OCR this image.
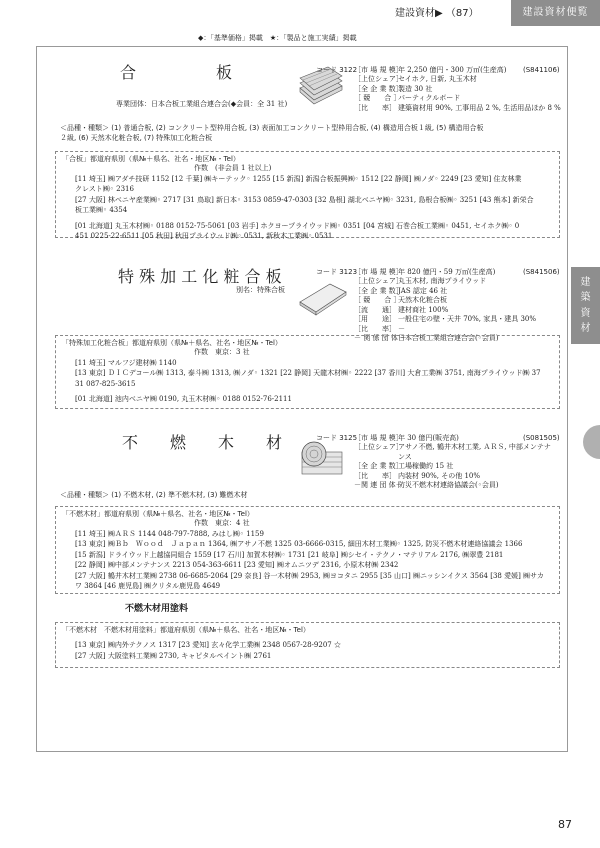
建設資材▶ （87）	建設資材便覧
◆：「基準価格」掲載　★：「製品と施工実績」掲載
建
築
資
材
合　　　　　板	コード 3122	(S841106)
［市 場 規 模］
年 2,250 億円・300 万㎥(生産高)
［上位シェア］
セイホク, 日新, 丸玉木材
［全 企 業 数］
製造 30 社
［ 競　　合 ］
パーティクルボード
［比　　率］ 建築資材用 90%, 工事用品 2 %, 生活用品ほか 8 %
専業団体：日本合板工業組合連合会(◆会員：全 31 社)
＜品種・種類＞ (1) 普通合板, (2) コンクリート型枠用合板, (3) 表面加工コンクリート型枠用合板, (4) 構造用合板１級, (5) 構造用合板２級, (6) 天然木化粧合板, (7) 特殊加工化粧合板
「合板」都道府県別（県№＋県名、社名・地区№・Tel）
作数　(非会員 1 社以上)
[11 埼玉] ㈱アダチ技研 1152 [12 千葉] ㈱キーテック◦ 1255 [15 新潟] 新潟合板振興㈱◦ 1512 [22 静岡] ㈱ノダ◦ 2249 [23 愛知] 住友林業
クレスト㈱◦ 2316
[27 大阪] 林ベニヤ産業㈱◦ 2717 [31 鳥取] 新日本◦ 3153 0859-47-0303 [32 島根] 湖北ベニヤ㈱◦ 3231, 島根合板㈱◦ 3251 [43 熊本] 新栄合
板工業㈱◦ 4354
[01 北海道] 丸玉木材㈱◦ 0188 0152-75-5061 [03 岩手] ホクヨープライウッド㈱◦ 0351 [04 宮城] 石巻合板工業㈱◦ 0451, セイホク㈱◦ 0
451 0225-22-6511 [05 秋田] 秋田プライウッド㈱◦ 0531, 新秋木工業㈱◦ 0531
特 殊 加 工 化 粧 合 板
別名：特殊合板
コード 3123	(S841506)
［市 場 規 模］
年 820 億円・59 万㎥(生産高)
［上位シェア］
丸玉木材, 南海プライウッド
［全 企 業 数］
JAS 認定 46 社
［ 競　　合 ］
天然木化粧合板
［流　　通］ 建材商社 100%
［用　　途］ 一般住宅の壁・天井 70%, 家具・建具 30%
［比　　率］ －
－ 関 係 団 体 －
日本合板工業組合連合会(◦会員)
「特殊加工化粧合板」都道府県別（県№＋県名、社名・地区№・Tel）
作数　東京：3 社
[11 埼玉] マルフジ建材㈱ 1140
[13 東京] ＤＩＣデコール㈱ 1313, 泰斗㈱ 1313, ㈱ノダ◦ 1321 [22 静岡] 天龍木材㈱◦ 2222 [37 香川] 大倉工業㈱ 3751, 南海プライウッド㈱ 37
31 087-825-3615
[01 北海道] 池内ベニヤ㈱ 0190, 丸玉木材㈱◦ 0188 0152-76-2111
不　　燃　　木　　材	コード 3125	(S081505)
［市 場 規 模］
年 30 億円(販売高)
［上位シェア］
アサノ不燃, 鶴井木材工業, ＡＲＳ, 中部メンテナ
ンス
［全 企 業 数］
工場稼働約 15 社
［比　　率］ 内装材 90%, その他 10%
－関 連 団 体－
防災不燃木材連絡協議会(◦会員)
＜品種・種類＞ (1) 不燃木材, (2) 準不燃木材, (3) 難燃木材
「不燃木材」都道府県別（県№＋県名、社名・地区№・Tel）
作数　東京：4 社
[11 埼玉] ㈱ＡＲＳ 1144 048-797-7888, みはし㈱◦ 1159
[13 東京] ㈱Ｂｂ　Ｗｏｏｄ　Ｊａｐａｎ 1364, ㈱アサノ不燃 1325 03-6666-0315, 細田木材工業㈱◦ 1325, 防災不燃木材連絡協議会 1366
[15 新潟] ドライウッド上越協同組合 1559 [17 石川] 加賀木材㈱◦ 1731 [21 岐阜] ㈱シセイ・テクノ・マテリアル 2176, ㈱翠豊 2181
[22 静岡] ㈱中部メンテナンス 2213 054-363-6611 [23 愛知] ㈱オムニツデ 2316, 小原木材㈱ 2342
[27 大阪] 鶴井木材工業㈱ 2738 06-6685-2064 [29 奈良] 谷一木材㈱ 2953, ㈱ヨコタニ 2955 [35 山口] ㈱ニッシンイクス 3564 [38 愛媛] ㈱サカ
ワ 3864 [46 鹿児島] ㈱クリタル鹿児島 4649
不燃木材用塗料
「不燃木材　不燃木材用塗料」都道府県別（県№＋県名、社名・地区№・Tel）
[13 東京] ㈱内外テクノス 1317 [23 愛知] 玄々化学工業㈱ 2348 0567-28-9207 ☆
[27 大阪] 大阪塗料工業㈱ 2730, キャピタルペイント㈱ 2761
87
